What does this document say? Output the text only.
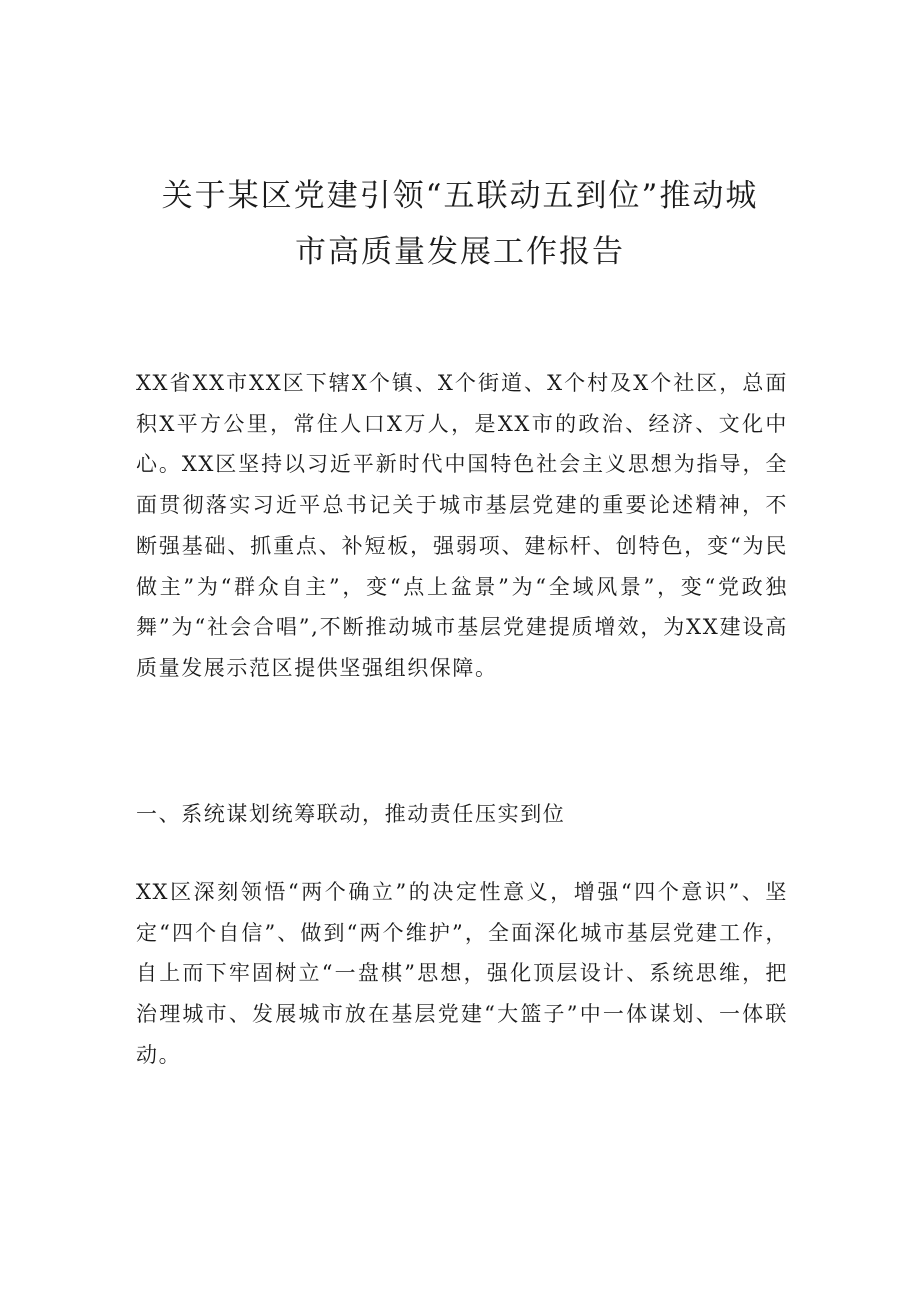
关于某区党建引领“五联动五到位”推动城
市高质量发展工作报告

XX省XX市XX区下辖X个镇、X个街道、X个村及X个社区，总面积X平方公里，常住人口X万人，是XX市的政治、经济、文化中心。XX区坚持以习近平新时代中国特色社会主义思想为指导，全面贯彻落实习近平总书记关于城市基层党建的重要论述精神，不断强基础、抓重点、补短板，强弱项、建标杆、创特色，变“为民做主”为“群众自主”，变“点上盆景”为“全域风景”，变“党政独舞”为“社会合唱”,不断推动城市基层党建提质增效，为XX建设高质量发展示范区提供坚强组织保障。

一、系统谋划统筹联动，推动责任压实到位

XX区深刻领悟“两个确立”的决定性意义，增强“四个意识”、坚定“四个自信”、做到“两个维护”，全面深化城市基层党建工作，自上而下牢固树立“一盘棋”思想，强化顶层设计、系统思维，把治理城市、发展城市放在基层党建“大篮子”中一体谋划、一体联动。
